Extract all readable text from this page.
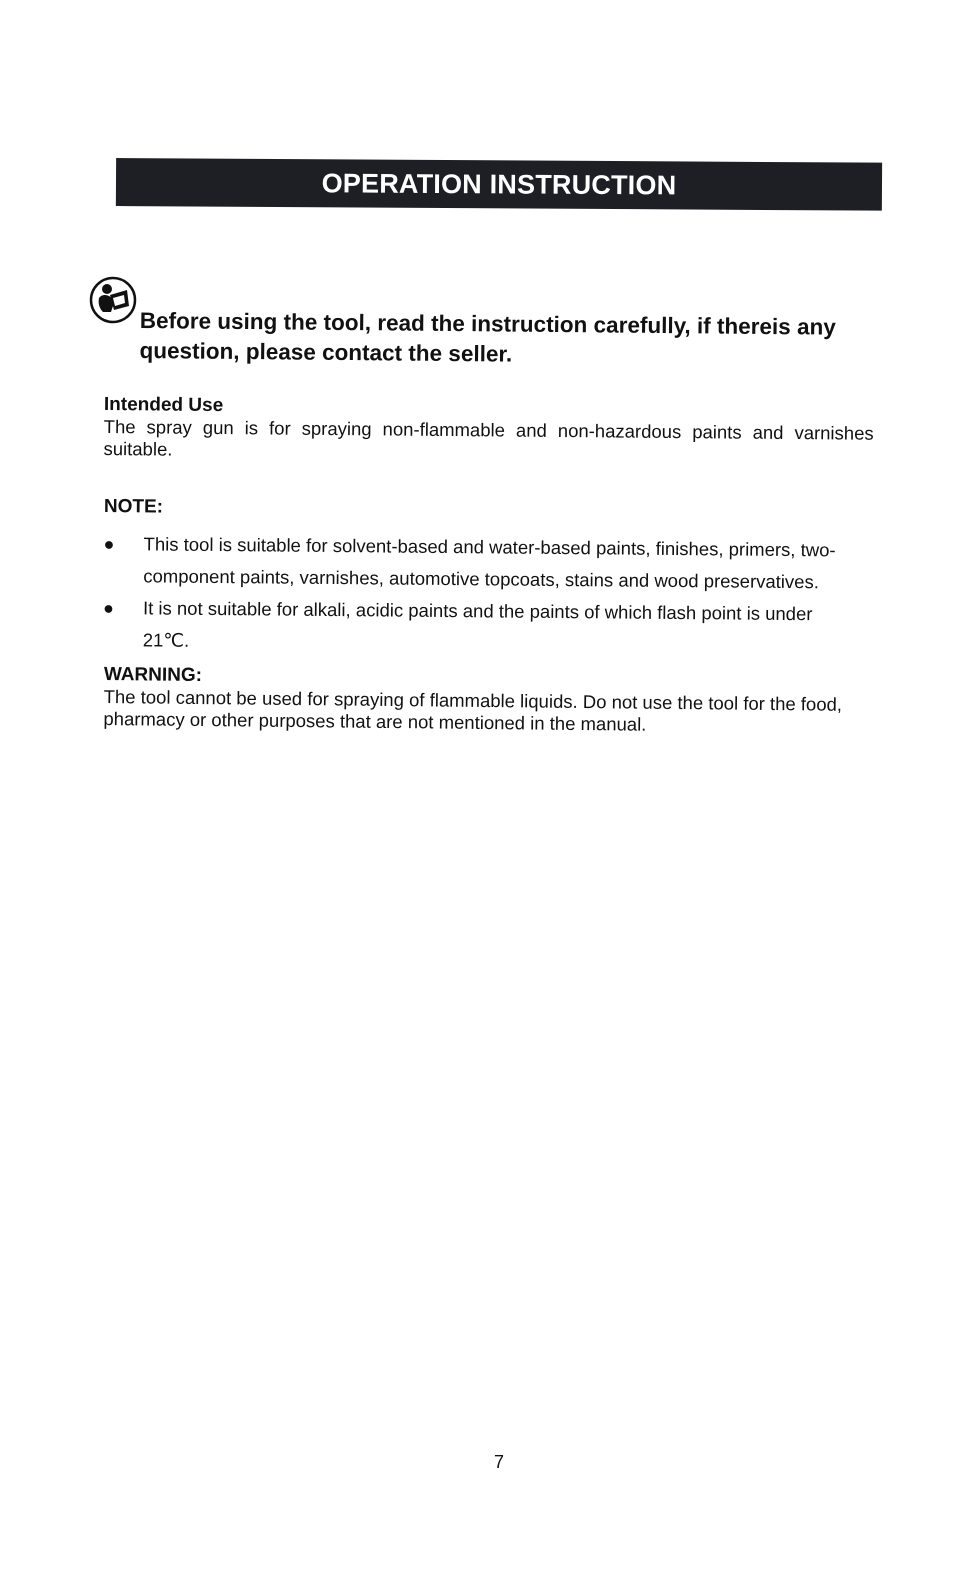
OPERATION INSTRUCTION
Before using the tool, read the instruction carefully, if thereis any question, please contact the seller.
Intended Use
The spray gun is for spraying non-flammable and non-hazardous paints and varnishes suitable.
NOTE:
●	This tool is suitable for solvent-based and water-based paints, finishes, primers, two-component paints, varnishes, automotive topcoats, stains and wood preservatives.
●	It is not suitable for alkali, acidic paints and the paints of which flash point is under 21℃.
WARNING:
The tool cannot be used for spraying of flammable liquids. Do not use the tool for the food, pharmacy or other purposes that are not mentioned in the manual.
7
